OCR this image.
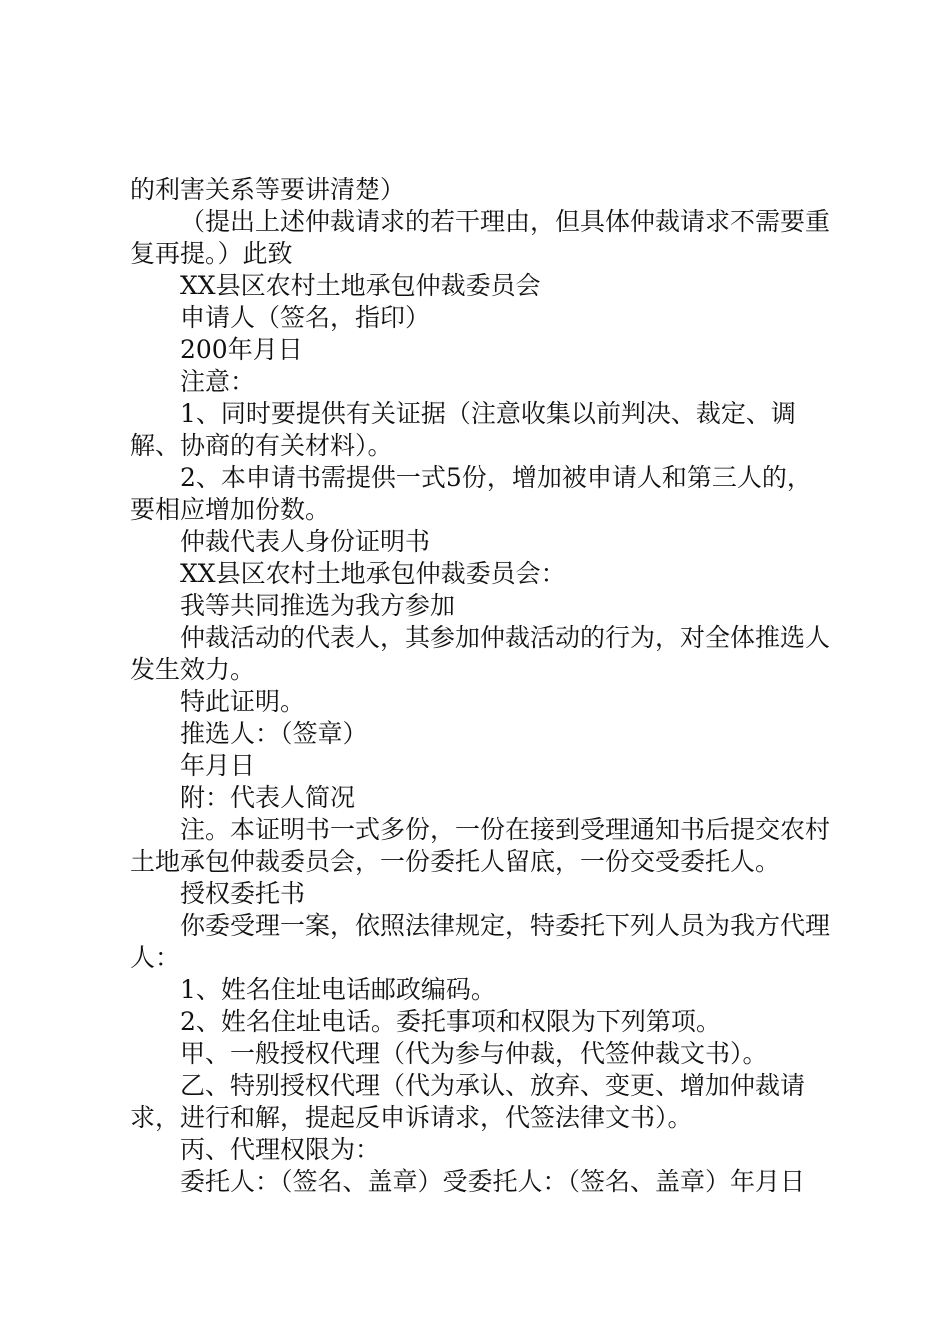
的利害关系等要讲清楚）

（提出上述仲裁请求的若干理由，但具体仲裁请求不需要重复再提。）此致

XX县区农村土地承包仲裁委员会

申请人（签名，指印）

200年月日

注意：

1、同时要提供有关证据（注意收集以前判决、裁定、调解、协商的有关材料）。

2、本申请书需提供一式5份，增加被申请人和第三人的，要相应增加份数。

仲裁代表人身份证明书

XX县区农村土地承包仲裁委员会：

我等共同推选为我方参加

仲裁活动的代表人，其参加仲裁活动的行为，对全体推选人发生效力。

特此证明。

推选人：（签章）

年月日

附：代表人简况

注。本证明书一式多份，一份在接到受理通知书后提交农村土地承包仲裁委员会，一份委托人留底，一份交受委托人。

授权委托书

你委受理一案，依照法律规定，特委托下列人员为我方代理人：

1、姓名住址电话邮政编码。

2、姓名住址电话。委托事项和权限为下列第项。

甲、一般授权代理（代为参与仲裁，代签仲裁文书）。

乙、特别授权代理（代为承认、放弃、变更、增加仲裁请求，进行和解，提起反申诉请求，代签法律文书）。

丙、代理权限为：

委托人：（签名、盖章）受委托人：（签名、盖章）年月日
